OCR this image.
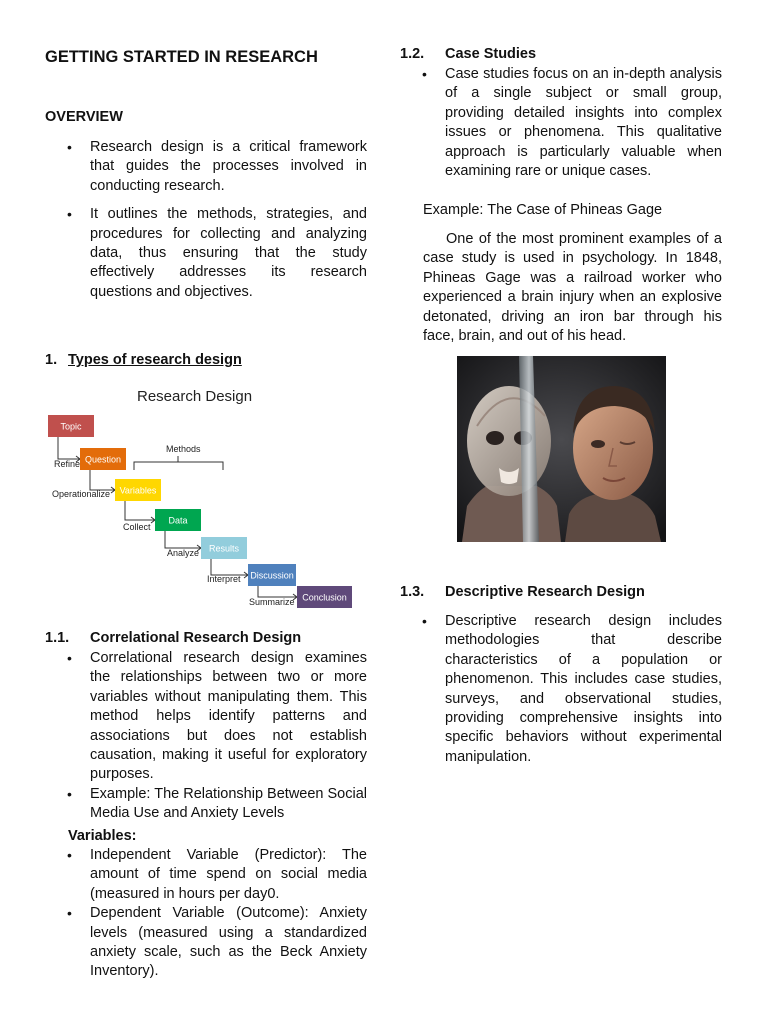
GETTING STARTED IN RESEARCH
OVERVIEW
• Research design is a critical framework that guides the processes involved in conducting research.
• It outlines the methods, strategies, and procedures for collecting and analyzing data, thus ensuring that the study effectively addresses its research questions and objectives.
1. Types of research design
Research Design
Methods
Topic
Question
Variables
Data
Results
Discussion
Conclusion
Refine
Operationalize
Collect
Analyze
Interpret
Summarize
1.1. Correlational Research Design
• Correlational research design examines the relationships between two or more variables without manipulating them. This method helps identify patterns and associations but does not establish causation, making it useful for exploratory purposes.
• Example: The Relationship Between Social Media Use and Anxiety Levels
Variables:
• Independent Variable (Predictor): The amount of time spend on social media (measured in hours per day0.
• Dependent Variable (Outcome): Anxiety levels (measured using a standardized anxiety scale, such as the Beck Anxiety Inventory).
1.2. Case Studies
• Case studies focus on an in-depth analysis of a single subject or small group, providing detailed insights into complex issues or phenomena. This qualitative approach is particularly valuable when examining rare or unique cases.
Example: The Case of Phineas Gage

One of the most prominent examples of a case study is used in psychology. In 1848, Phineas Gage was a railroad worker who experienced a brain injury when an explosive detonated, driving an iron bar through his face, brain, and out of his head.

1.3. Descriptive Research Design
• Descriptive research design includes methodologies that describe characteristics of a population or phenomenon. This includes case studies, surveys, and observational studies, providing comprehensive insights into specific behaviors without experimental manipulation.
